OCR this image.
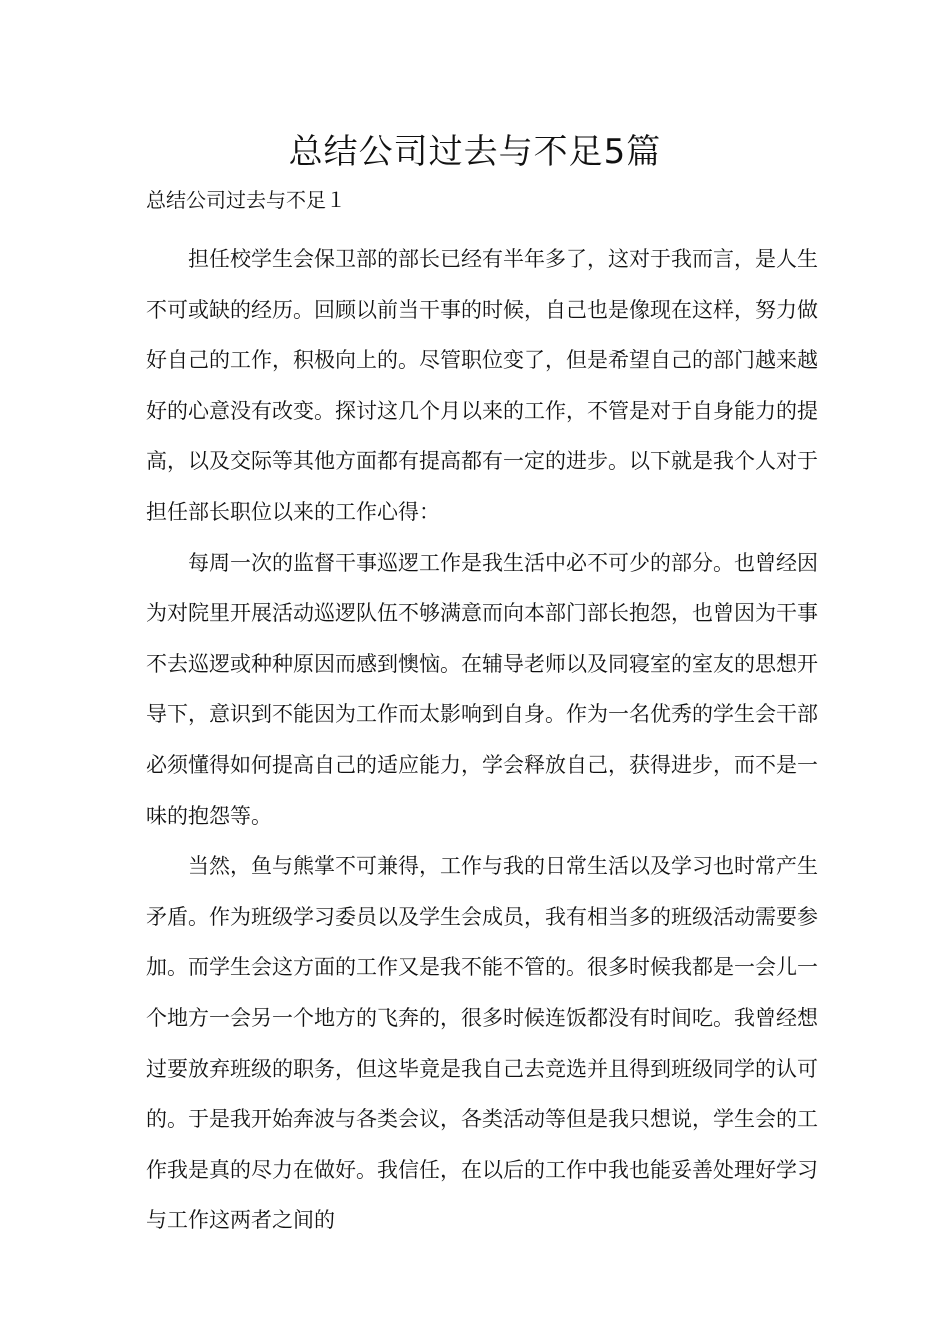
总结公司过去与不足5篇
总结公司过去与不足１

担任校学生会保卫部的部长已经有半年多了，这对于我而言，是人生不可或缺的经历。回顾以前当干事的时候，自己也是像现在这样，努力做好自己的工作，积极向上的。尽管职位变了，但是希望自己的部门越来越好的心意没有改变。探讨这几个月以来的工作，不管是对于自身能力的提高，以及交际等其他方面都有提高都有一定的进步。以下就是我个人对于担任部长职位以来的工作心得：

每周一次的监督干事巡逻工作是我生活中必不可少的部分。也曾经因为对院里开展活动巡逻队伍不够满意而向本部门部长抱怨，也曾因为干事不去巡逻或种种原因而感到懊恼。在辅导老师以及同寝室的室友的思想开导下，意识到不能因为工作而太影响到自身。作为一名优秀的学生会干部必须懂得如何提高自己的适应能力，学会释放自己，获得进步，而不是一味的抱怨等。

当然，鱼与熊掌不可兼得，工作与我的日常生活以及学习也时常产生矛盾。作为班级学习委员以及学生会成员，我有相当多的班级活动需要参加。而学生会这方面的工作又是我不能不管的。很多时候我都是一会儿一个地方一会另一个地方的飞奔的，很多时候连饭都没有时间吃。我曾经想过要放弃班级的职务，但这毕竟是我自己去竞选并且得到班级同学的认可的。于是我开始奔波与各类会议，各类活动等但是我只想说，学生会的工作我是真的尽力在做好。我信任，在以后的工作中我也能妥善处理好学习与工作这两者之间的
